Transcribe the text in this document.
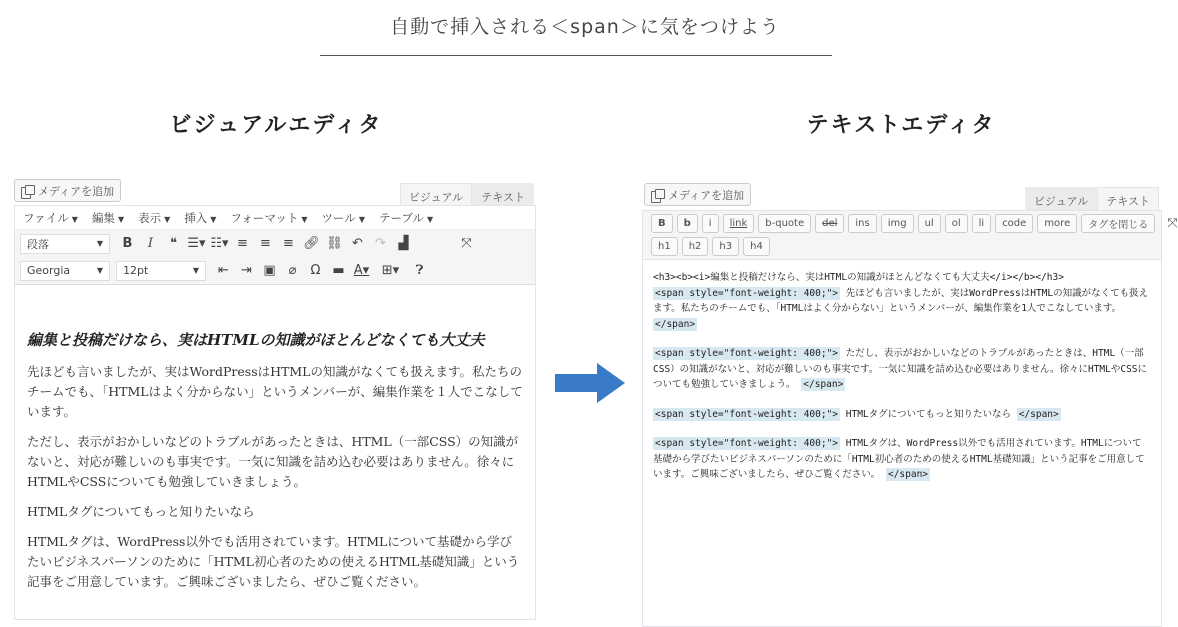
自動で挿入される＜span＞に気をつけよう
ビジュアルエディタ	テキストエディタ
メディアを追加	ビジュアル	テキスト
ファイル ▼ 編集 ▼ 表示 ▼ 挿入 ▼ フォーマット ▼ ツール ▼ テーブル ▼
段落	▼	B	I	❝ ☰▾ ☷▾ ≡ ≡ ≡ 🔗︎ ⛓ ↶ ↷ ▟	⤧
Georgia	▼ 12pt	▼	⇤ ⇥ ▣ ⌀	Ω ▬ A▾ ⊞▾	❓︎
編集と投稿だけなら、実はHTMLの知識がほとんどなくても大丈夫

先ほども言いましたが、実はWordPressはHTMLの知識がなくても扱えます。私たちのチームでも、「HTMLはよく分からない」というメンバーが、編集作業を１人でこなしています。

ただし、表示がおかしいなどのトラブルがあったときは、HTML（一部CSS）の知識がないと、対応が難しいのも事実です。一気に知識を詰め込む必要はありません。徐々にHTMLやCSSについても勉強していきましょう。

HTMLタグについてもっと知りたいなら

HTMLタグは、WordPress以外でも活用されています。HTMLについて基礎から学びたいビジネスパーソンのために「HTML初心者のための使えるHTML基礎知識」という記事をご用意しています。ご興味ございましたら、ぜひご覧ください。

メディアを追加	ビジュアル	テキスト
B	b	i	link	b-quote	del	ins	img	ul	ol	li	code	more	タグを閉じる	⤧
h1	h2	h3	h4
<h3><b><i>編集と投稿だけなら、実はHTMLの知識がほとんどなくても大丈夫</i></b></h3>
<span style="font-weight: 400;"> 先ほども言いましたが、実はWordPressはHTMLの知識がなくても扱えます。私たちのチームでも、「HTMLはよく分からない」というメンバーが、編集作業を1人でこなしています。 </span>
<span style="font-weight: 400;"> ただし、表示がおかしいなどのトラブルがあったときは、HTML（一部CSS）の知識がないと、対応が難しいのも事実です。一気に知識を詰め込む必要はありません。徐々にHTMLやCSSについても勉強していきましょう。 </span>
<span style="font-weight: 400;"> HTMLタグについてもっと知りたいなら </span>
<span style="font-weight: 400;"> HTMLタグは、WordPress以外でも活用されています。HTMLについて基礎から学びたいビジネスパーソンのために「HTML初心者のための使えるHTML基礎知識」という記事をご用意しています。ご興味ございましたら、ぜひご覧ください。 </span>
